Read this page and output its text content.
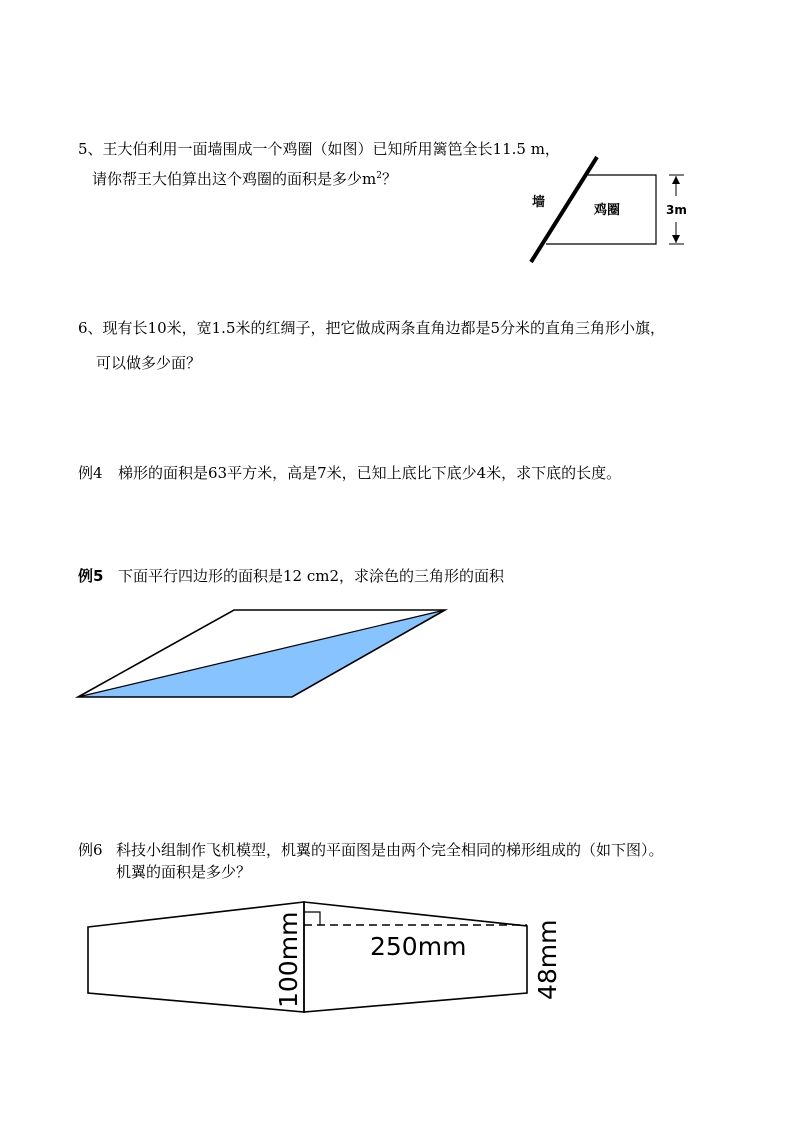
5、王大伯利用一面墙围成一个鸡圈（如图）已知所用篱笆全长11.5 m，
请你帮王大伯算出这个鸡圈的面积是多少$m^2$？
6、现有长10米，宽1.5米的红绸子，把它做成两条直角边都是5分米的直角三角形小旗，
可以做多少面？
例4 梯形的面积是63平方米，高是7米，已知上底比下底少4米，求下底的长度。
例5 下面平行四边形的面积是12 cm2，求涂色的三角形的面积
例6 科技小组制作飞机模型，机翼的平面图是由两个完全相同的梯形组成的（如下图）。
机翼的面积是多少？
墙
鸡圈	3m
250mm
100mm	48mm
